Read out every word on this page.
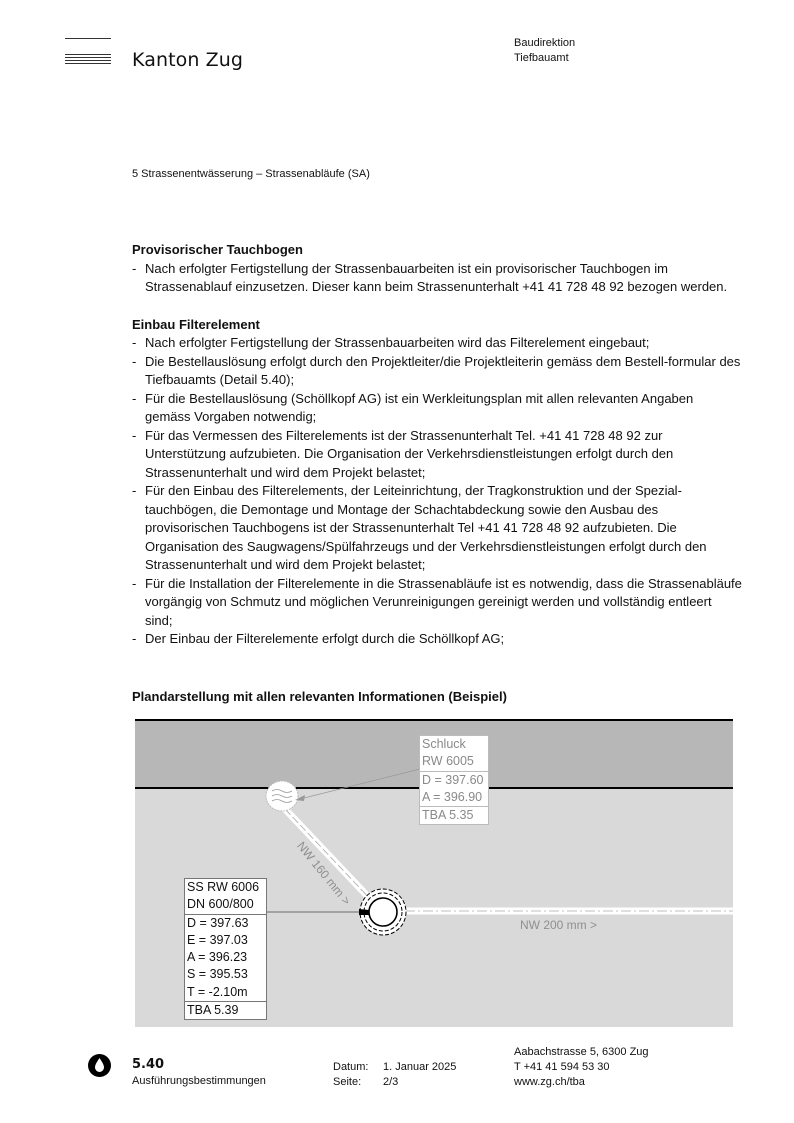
Kanton Zug
Baudirektion
Tiefbauamt
5 Strassenentwässerung – Strassenabläufe (SA)

Provisorischer Tauchbogen

- Nach erfolgter Fertigstellung der Strassenbauarbeiten ist ein provisorischer Tauchbogen im Strassenablauf einzusetzen. Dieser kann beim Strassenunterhalt +41 41 728 48 92 bezogen werden.

Einbau Filterelement

- Nach erfolgter Fertigstellung der Strassenbauarbeiten wird das Filterelement eingebaut;
- Die Bestellauslösung erfolgt durch den Projektleiter/die Projektleiterin gemäss dem Bestell-formular des Tiefbauamts (Detail 5.40);
- Für die Bestellauslösung (Schöllkopf AG) ist ein Werkleitungsplan mit allen relevanten Angaben gemäss Vorgaben notwendig;
- Für das Vermessen des Filterelements ist der Strassenunterhalt Tel. +41 41 728 48 92 zur Unterstützung aufzubieten. Die Organisation der Verkehrsdienstleistungen erfolgt durch den Strassenunterhalt und wird dem Projekt belastet;
- Für den Einbau des Filterelements, der Leiteinrichtung, der Tragkonstruktion und der Spezial-tauchbögen, die Demontage und Montage der Schachtabdeckung sowie den Ausbau des provisorischen Tauchbogens ist der Strassenunterhalt Tel +41 41 728 48 92 aufzubieten. Die Organisation des Saugwagens/Spülfahrzeugs und der Verkehrsdienstleistungen erfolgt durch den Strassenunterhalt und wird dem Projekt belastet;
- Für die Installation der Filterelemente in die Strassenabläufe ist es notwendig, dass die Strassenabläufe vorgängig von Schmutz und möglichen Verunreinigungen gereinigt werden und vollständig entleert sind;
- Der Einbau der Filterelemente erfolgt durch die Schöllkopf AG;
Plandarstellung mit allen relevanten Informationen (Beispiel)
Schluck
RW 6005
D = 397.60
A = 396.90
TBA 5.35
SS RW 6006
DN 600/800
D = 397.63
E = 397.03
A = 396.23
S = 395.53
T = -2.10m
TBA 5.39
NW 160 mm >
NW 200 mm >
5.40
Ausführungsbestimmungen
Datum: 1. Januar 2025
Seite: 2/3
Aabachstrasse 5, 6300 Zug
T +41 41 594 53 30
www.zg.ch/tba
